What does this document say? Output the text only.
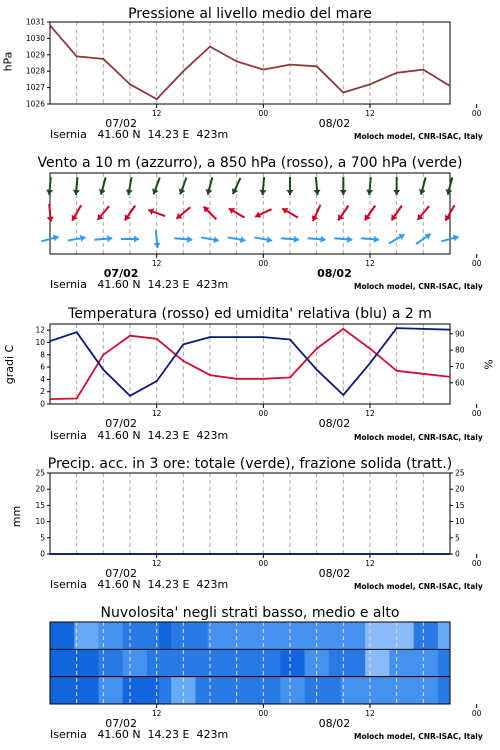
Pressione al livello medio del mare
hPa
12	00	12	00
07/02	08/02
1026
1027
1028
1029
1030
1031
Isernia   41.60 N  14.23 E  423m	Moloch model, CNR-ISAC, Italy
Vento a 10 m (azzurro), a 850 hPa (rosso), a 700 hPa (verde)
12	00	12	00
07/02	08/02
Isernia   41.60 N  14.23 E  423m	Moloch model, CNR-ISAC, Italy
Temperatura (rosso) ed umidita' relativa (blu) a 2 m
gradi C	%
12	00	12	00
07/02	08/02
0
2
4
6
8
10
12
60
70
80
90
Isernia   41.60 N  14.23 E  423m	Moloch model, CNR-ISAC, Italy
Precip. acc. in 3 ore: totale (verde), frazione solida (tratt.)
mm
12	00	12	00
07/02	08/02
0
5
10
15
20
25
0
5
10
15
20
25
Isernia   41.60 N  14.23 E  423m	Moloch model, CNR-ISAC, Italy
Nuvolosita' negli strati basso, medio e alto
12	00	12	00
07/02	08/02
Isernia   41.60 N  14.23 E  423m	Moloch model, CNR-ISAC, Italy
